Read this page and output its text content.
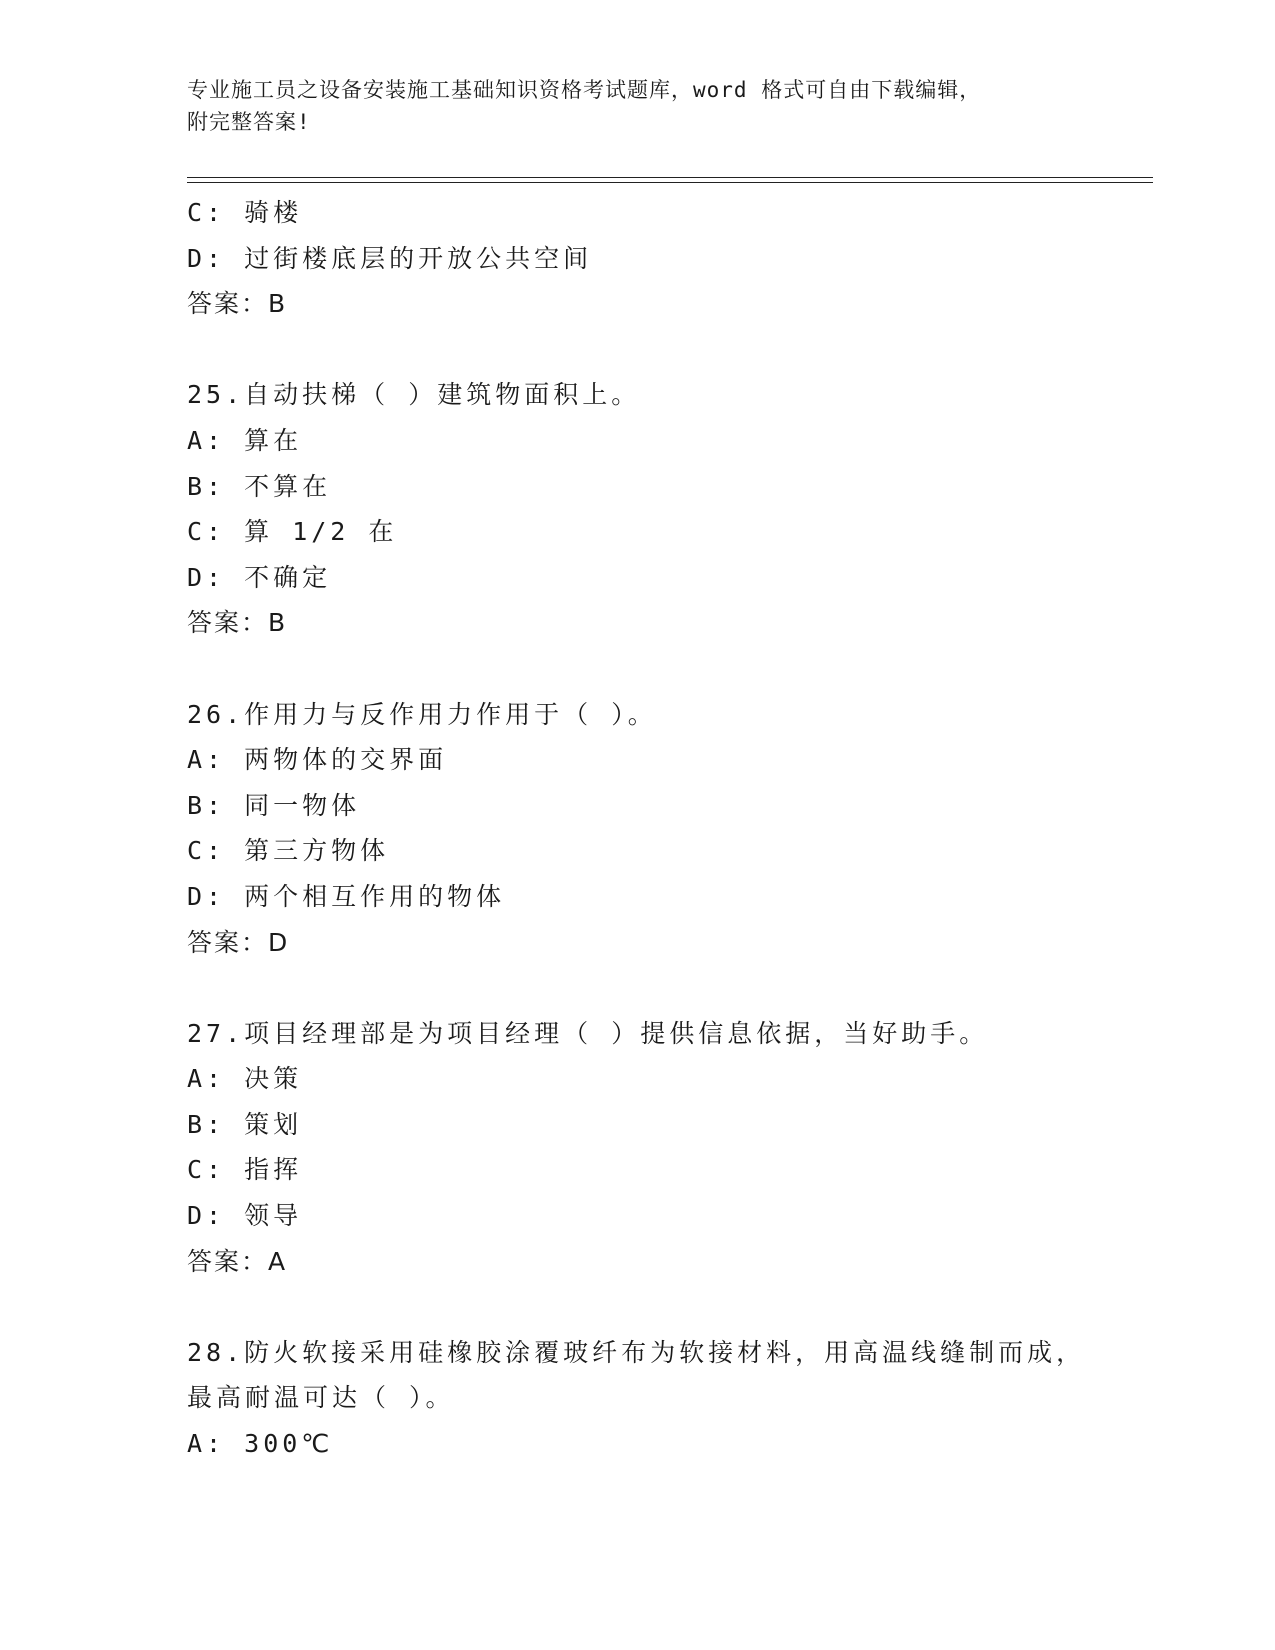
专业施工员之设备安装施工基础知识资格考试题库，word 格式可自由下载编辑，
附完整答案!
C: 骑楼
D: 过街楼底层的开放公共空间
答案：B
25.自动扶梯（ ）建筑物面积上。
A: 算在
B: 不算在
C: 算 1/2 在
D: 不确定
答案：B
26.作用力与反作用力作用于（ ）。
A: 两物体的交界面
B: 同一物体
C: 第三方物体
D: 两个相互作用的物体
答案：D
27.项目经理部是为项目经理（ ）提供信息依据，当好助手。
A: 决策
B: 策划
C: 指挥
D: 领导
答案：A
28.防火软接采用硅橡胶涂覆玻纤布为软接材料，用高温线缝制而成，
最高耐温可达（ ）。
A: 300℃
